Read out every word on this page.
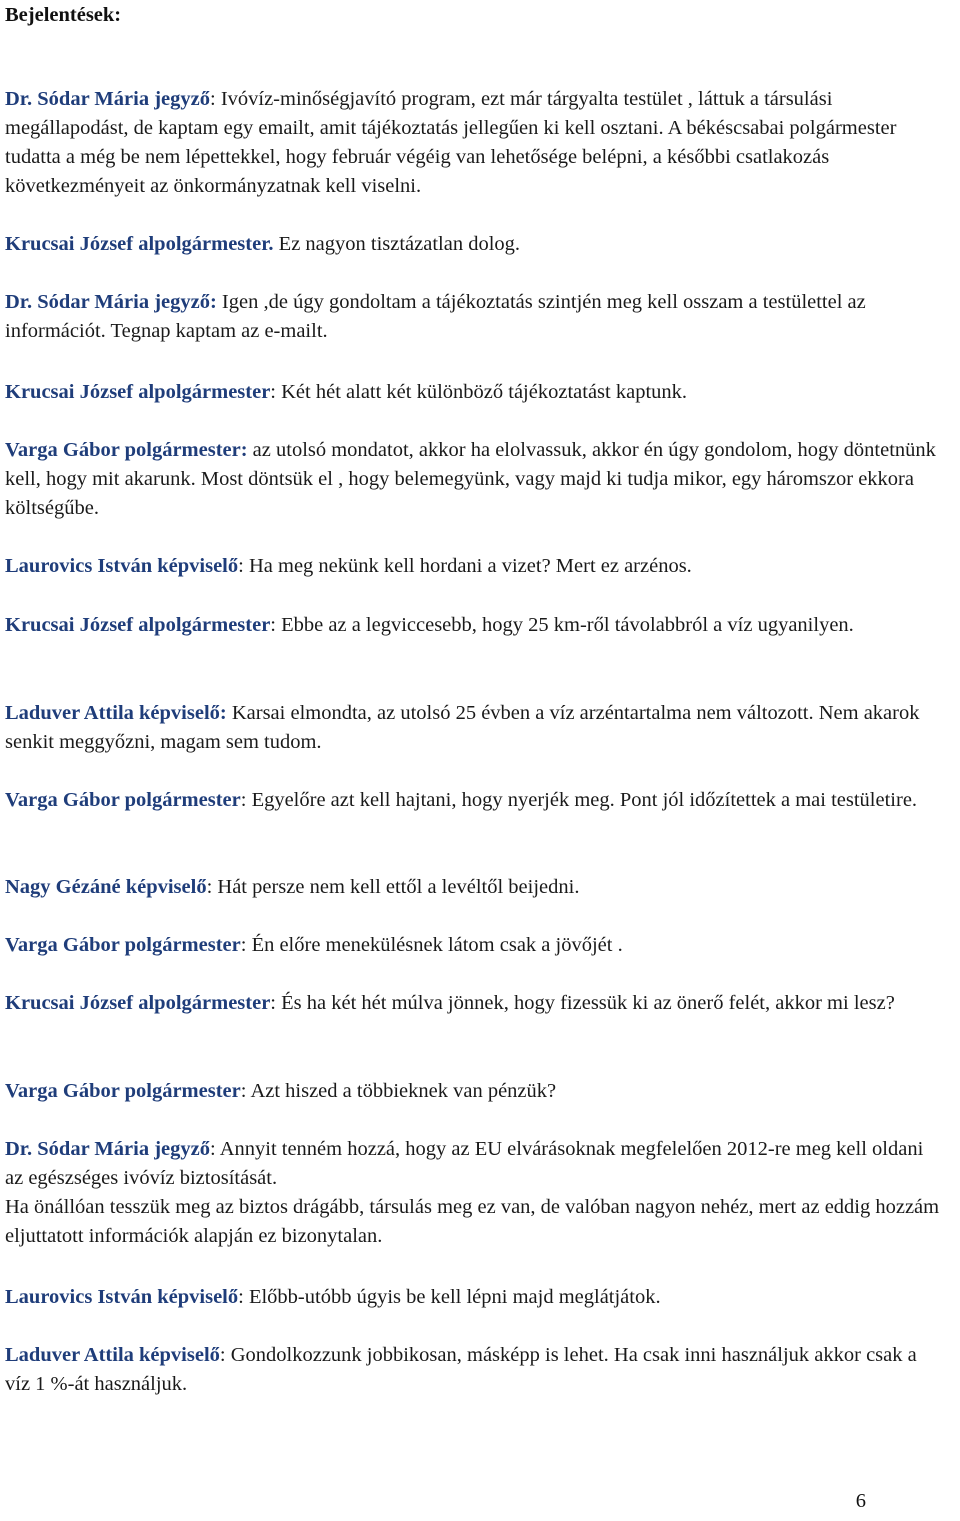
Bejelentések:

Dr. Sódar Mária jegyző: Ivóvíz-minőségjavító program, ezt már tárgyalta testület , láttuk a társulási megállapodást, de kaptam egy emailt, amit tájékoztatás jellegűen ki kell osztani. A békéscsabai polgármester tudatta a még be nem lépettekkel, hogy február végéig van lehetősége belépni, a későbbi csatlakozás következményeit az önkormányzatnak kell viselni.

Krucsai József alpolgármester. Ez nagyon tisztázatlan dolog.

Dr. Sódar Mária jegyző: Igen ,de úgy gondoltam a tájékoztatás szintjén meg kell osszam a testülettel az információt. Tegnap kaptam az e-mailt.

Krucsai József alpolgármester: Két hét alatt két különböző tájékoztatást kaptunk.

Varga Gábor polgármester: az utolsó mondatot, akkor ha elolvassuk, akkor én úgy gondolom, hogy döntetnünk kell, hogy mit akarunk. Most döntsük el , hogy belemegyünk, vagy majd ki tudja mikor, egy háromszor ekkora költségűbe.

Laurovics István képviselő: Ha meg nekünk kell hordani a vizet? Mert ez arzénos.

Krucsai József alpolgármester: Ebbe az a legviccesebb, hogy 25 km-ről távolabbról a víz ugyanilyen.

Laduver Attila képviselő: Karsai elmondta, az utolsó 25 évben a víz arzéntartalma nem változott. Nem akarok senkit meggyőzni, magam sem tudom.

Varga Gábor polgármester: Egyelőre azt kell hajtani, hogy nyerjék meg. Pont jól időzítettek a mai testületire.

Nagy Gézáné képviselő: Hát persze nem kell ettől a levéltől beijedni.

Varga Gábor polgármester: Én előre menekülésnek látom csak a jövőjét .

Krucsai József alpolgármester: És ha két hét múlva jönnek, hogy fizessük ki az önerő felét, akkor mi lesz?

Varga Gábor polgármester: Azt hiszed a többieknek van pénzük?

Dr. Sódar Mária jegyző: Annyit tenném hozzá, hogy az EU elvárásoknak megfelelően 2012-re meg kell oldani az egészséges ivóvíz biztosítását.
Ha önállóan tesszük meg az biztos drágább, társulás meg ez van, de valóban nagyon nehéz, mert az eddig hozzám eljuttatott információk alapján ez bizonytalan.

Laurovics István képviselő: Előbb-utóbb úgyis be kell lépni majd meglátjátok.

Laduver Attila képviselő: Gondolkozzunk jobbikosan, másképp is lehet. Ha csak inni használjuk akkor csak a víz 1 %-át használjuk.

6
